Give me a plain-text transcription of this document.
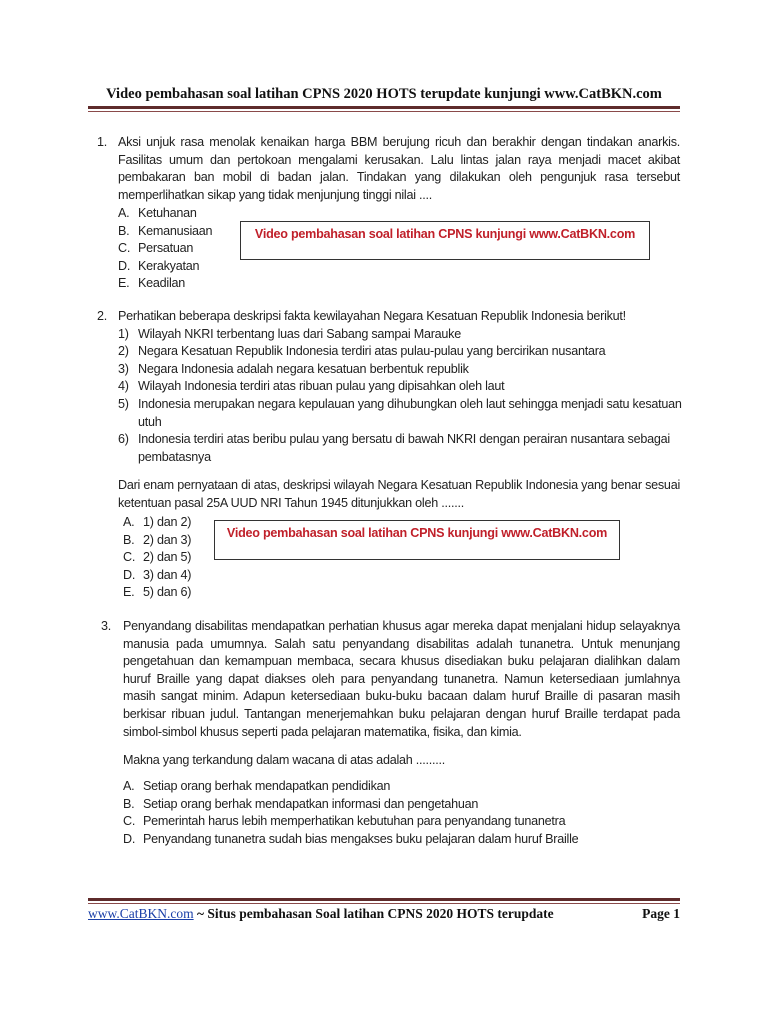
Video pembahasan soal latihan CPNS 2020 HOTS terupdate kunjungi www.CatBKN.com
1. Aksi unjuk rasa menolak kenaikan harga BBM berujung ricuh dan berakhir dengan tindakan anarkis.
Fasilitas umum dan pertokoan mengalami kerusakan. Lalu lintas jalan raya menjadi macet akibat
pembakaran ban mobil di badan jalan. Tindakan yang dilakukan oleh pengunjuk rasa tersebut
memperlihatkan sikap yang tidak menjunjung tinggi nilai ....
A. Ketuhanan
B. Kemanusiaan
C. Persatuan
D. Kerakyatan
E. Keadilan
Video pembahasan soal latihan CPNS kunjungi www.CatBKN.com
2. Perhatikan beberapa deskripsi fakta kewilayahan Negara Kesatuan Republik Indonesia berikut!
1) Wilayah NKRI terbentang luas dari Sabang sampai Marauke
2) Negara Kesatuan Republik Indonesia terdiri atas pulau-pulau yang bercirikan nusantara
3) Negara Indonesia adalah negara kesatuan berbentuk republik
4) Wilayah Indonesia terdiri atas ribuan pulau yang dipisahkan oleh laut
5) Indonesia merupakan negara kepulauan yang dihubungkan oleh laut sehingga menjadi satu kesatuan
utuh
6) Indonesia terdiri atas beribu pulau yang bersatu di bawah NKRI dengan perairan nusantara sebagai
pembatasnya
Dari enam pernyataan di atas, deskripsi wilayah Negara Kesatuan Republik Indonesia yang benar sesuai
ketentuan pasal 25A UUD NRI Tahun 1945 ditunjukkan oleh .......
A. 1) dan 2)
B. 2) dan 3)
C. 2) dan 5)
D. 3) dan 4)
E. 5) dan 6)
Video pembahasan soal latihan CPNS kunjungi www.CatBKN.com
3. Penyandang disabilitas mendapatkan perhatian khusus agar mereka dapat menjalani hidup selayaknya
manusia pada umumnya. Salah satu penyandang disabilitas adalah tunanetra. Untuk menunjang
pengetahuan dan kemampuan membaca, secara khusus disediakan buku pelajaran dialihkan dalam
huruf Braille yang dapat diakses oleh para penyandang tunanetra. Namun ketersediaan jumlahnya
masih sangat minim. Adapun ketersediaan buku-buku bacaan dalam huruf Braille di pasaran masih
berkisar ribuan judul. Tantangan menerjemahkan buku pelajaran dengan huruf Braille terdapat pada
simbol-simbol khusus seperti pada pelajaran matematika, fisika, dan kimia.
Makna yang terkandung dalam wacana di atas adalah .........
A. Setiap orang berhak mendapatkan pendidikan
B. Setiap orang berhak mendapatkan informasi dan pengetahuan
C. Pemerintah harus lebih memperhatikan kebutuhan para penyandang tunanetra
D. Penyandang tunanetra sudah bias mengakses buku pelajaran dalam huruf Braille
www.CatBKN.com ~ Situs pembahasan Soal latihan CPNS 2020 HOTS terupdate	Page 1
